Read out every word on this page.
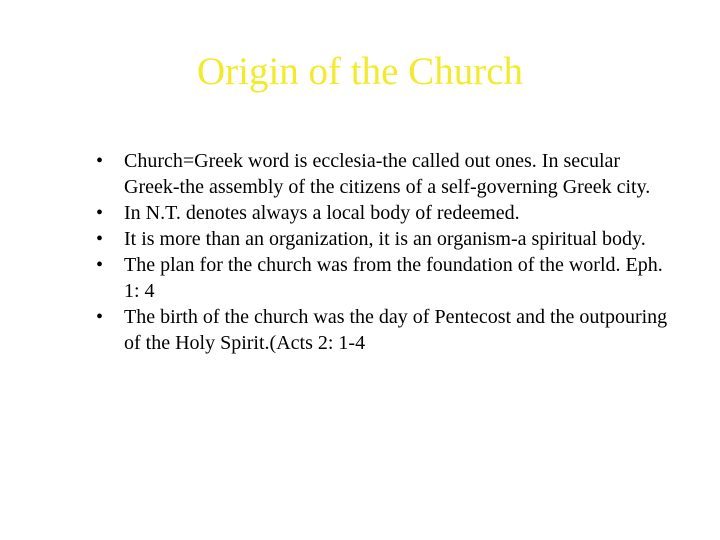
Origin of the Church
•	Church=Greek word is ecclesia-the called out ones. In secular Greek-the assembly of the citizens of a self-governing Greek city.
•	In N.T. denotes always a local body of redeemed.
•	It is more than an organization, it is an organism-a spiritual body.
•	The plan for the church was from the foundation of the world. Eph. 1: 4
•	The birth of the church was the day of Pentecost and the outpouring of the Holy Spirit.(Acts 2: 1-4
